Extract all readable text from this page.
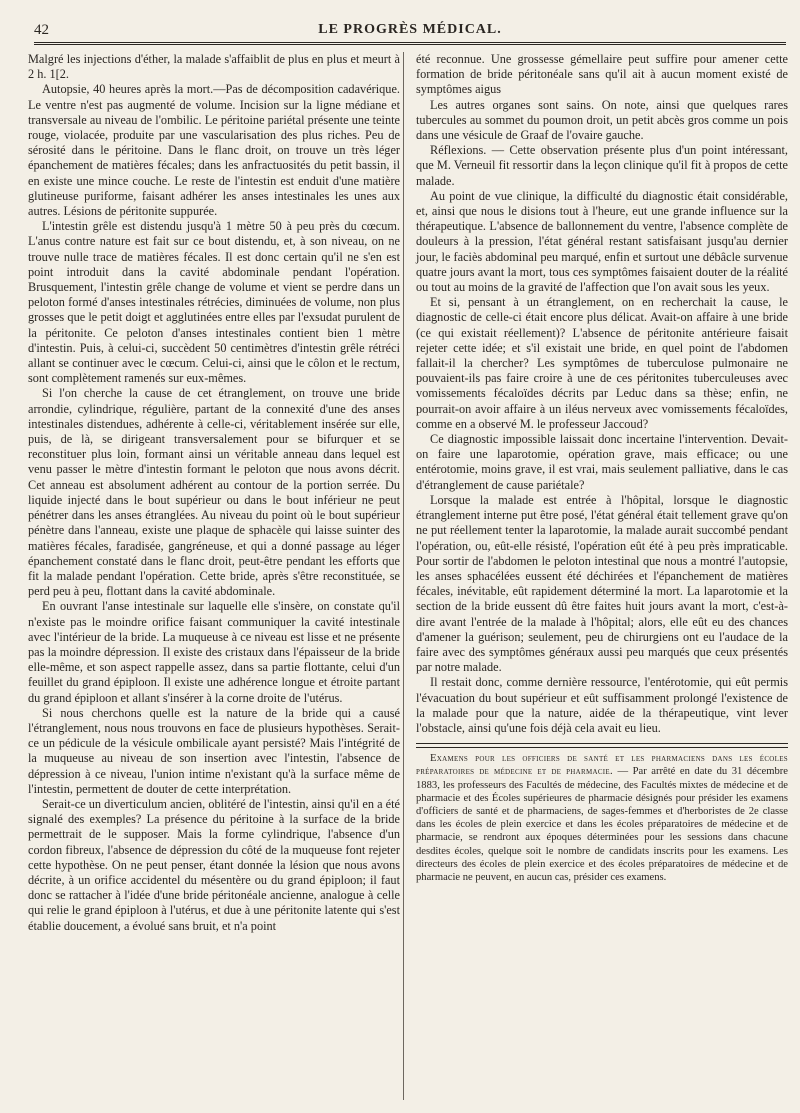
42	LE PROGRÈS MÉDICAL.

Malgré les injections d'éther, la malade s'affaiblit de plus en plus et meurt à 2 h. 1[2.

Autopsie, 40 heures après la mort.—Pas de décomposition cadavérique. Le ventre n'est pas augmenté de volume. Incision sur la ligne médiane et transversale au niveau de l'ombilic. Le péritoine pariétal présente une teinte rouge, violacée, produite par une vascularisation des plus riches. Peu de sérosité dans le péritoine. Dans le flanc droit, on trouve un très léger épanchement de matières fécales; dans les anfractuosités du petit bassin, il en existe une mince couche. Le reste de l'intestin est enduit d'une matière glutineuse puriforme, faisant adhérer les anses intestinales les unes aux autres. Lésions de péritonite suppurée.

L'intestin grêle est distendu jusqu'à 1 mètre 50 à peu près du cœcum. L'anus contre nature est fait sur ce bout distendu, et, à son niveau, on ne trouve nulle trace de matières fécales. Il est donc certain qu'il ne s'en est point introduit dans la cavité abdominale pendant l'opération. Brusquement, l'intestin grêle change de volume et vient se perdre dans un peloton formé d'anses intestinales rétrécies, diminuées de volume, non plus grosses que le petit doigt et agglutinées entre elles par l'exsudat purulent de la péritonite. Ce peloton d'anses intestinales contient bien 1 mètre d'intestin. Puis, à celui-ci, succèdent 50 centimètres d'intestin grêle rétréci allant se continuer avec le cœcum. Celui-ci, ainsi que le côlon et le rectum, sont complètement ramenés sur eux-mêmes.

Si l'on cherche la cause de cet étranglement, on trouve une bride arrondie, cylindrique, régulière, partant de la connexité d'une des anses intestinales distendues, adhérente à celle-ci, véritablement insérée sur elle, puis, de là, se dirigeant transversalement pour se bifurquer et se reconstituer plus loin, formant ainsi un véritable anneau dans lequel est venu passer le mètre d'intestin formant le peloton que nous avons décrit. Cet anneau est absolument adhérent au contour de la portion serrée. Du liquide injecté dans le bout supérieur ou dans le bout inférieur ne peut pénétrer dans les anses étranglées. Au niveau du point où le bout supérieur pénètre dans l'anneau, existe une plaque de sphacèle qui laisse suinter des matières fécales, faradisée, gangréneuse, et qui a donné passage au léger épanchement constaté dans le flanc droit, peut-être pendant les efforts que fit la malade pendant l'opération. Cette bride, après s'être reconstituée, se perd peu à peu, flottant dans la cavité abdominale.

En ouvrant l'anse intestinale sur laquelle elle s'insère, on constate qu'il n'existe pas le moindre orifice faisant communiquer la cavité intestinale avec l'intérieur de la bride. La muqueuse à ce niveau est lisse et ne présente pas la moindre dépression. Il existe des cristaux dans l'épaisseur de la bride elle-même, et son aspect rappelle assez, dans sa partie flottante, celui d'un feuillet du grand épiploon. Il existe une adhérence longue et étroite partant du grand épiploon et allant s'insérer à la corne droite de l'utérus.

Si nous cherchons quelle est la nature de la bride qui a causé l'étranglement, nous nous trouvons en face de plusieurs hypothèses. Serait-ce un pédicule de la vésicule ombilicale ayant persisté? Mais l'intégrité de la muqueuse au niveau de son insertion avec l'intestin, l'absence de dépression à ce niveau, l'union intime n'existant qu'à la surface même de l'intestin, permettent de douter de cette interprétation.

Serait-ce un diverticulum ancien, oblitéré de l'intestin, ainsi qu'il en a été signalé des exemples? La présence du péritoine à la surface de la bride permettrait de le supposer. Mais la forme cylindrique, l'absence d'un cordon fibreux, l'absence de dépression du côté de la muqueuse font rejeter cette hypothèse. On ne peut penser, étant donnée la lésion que nous avons décrite, à un orifice accidentel du mésentère ou du grand épiploon; il faut donc se rattacher à l'idée d'une bride péritonéale ancienne, analogue à celle qui relie le grand épiploon à l'utérus, et due à une péritonite latente qui s'est établie doucement, a évolué sans bruit, et n'a point

été reconnue. Une grossesse gémellaire peut suffire pour amener cette formation de bride péritonéale sans qu'il ait à aucun moment existé de symptômes aigus

Les autres organes sont sains. On note, ainsi que quelques rares tubercules au sommet du poumon droit, un petit abcès gros comme un pois dans une vésicule de Graaf de l'ovaire gauche.

Réflexions. — Cette observation présente plus d'un point intéressant, que M. Verneuil fit ressortir dans la leçon clinique qu'il fit à propos de cette malade.

Au point de vue clinique, la difficulté du diagnostic était considérable, et, ainsi que nous le disions tout à l'heure, eut une grande influence sur la thérapeutique. L'absence de ballonnement du ventre, l'absence complète de douleurs à la pression, l'état général restant satisfaisant jusqu'au dernier jour, le faciès abdominal peu marqué, enfin et surtout une débâcle survenue quatre jours avant la mort, tous ces symptômes faisaient douter de la réalité ou tout au moins de la gravité de l'affection que l'on avait sous les yeux.

Et si, pensant à un étranglement, on en recherchait la cause, le diagnostic de celle-ci était encore plus délicat. Avait-on affaire à une bride (ce qui existait réellement)? L'absence de péritonite antérieure faisait rejeter cette idée; et s'il existait une bride, en quel point de l'abdomen fallait-il la chercher? Les symptômes de tuberculose pulmonaire ne pouvaient-ils pas faire croire à une de ces péritonites tuberculeuses avec vomissements fécaloïdes décrits par Leduc dans sa thèse; enfin, ne pourrait-on avoir affaire à un iléus nerveux avec vomissements fécaloïdes, comme en a observé M. le professeur Jaccoud?

Ce diagnostic impossible laissait donc incertaine l'intervention. Devait-on faire une laparotomie, opération grave, mais efficace; ou une entérotomie, moins grave, il est vrai, mais seulement palliative, dans le cas d'étranglement de cause pariétale?

Lorsque la malade est entrée à l'hôpital, lorsque le diagnostic étranglement interne put être posé, l'état général était tellement grave qu'on ne put réellement tenter la laparotomie, la malade aurait succombé pendant l'opération, ou, eût-elle résisté, l'opération eût été à peu près impraticable. Pour sortir de l'abdomen le peloton intestinal que nous a montré l'autopsie, les anses sphacélées eussent été déchirées et l'épanchement de matières fécales, inévitable, eût rapidement déterminé la mort. La laparotomie et la section de la bride eussent dû être faites huit jours avant la mort, c'est-à-dire avant l'entrée de la malade à l'hôpital; alors, elle eût eu des chances d'amener la guérison; seulement, peu de chirurgiens ont eu l'audace de la faire avec des symptômes généraux aussi peu marqués que ceux présentés par notre malade.

Il restait donc, comme dernière ressource, l'entérotomie, qui eût permis l'évacuation du bout supérieur et eût suffisamment prolongé l'existence de la malade pour que la nature, aidée de la thérapeutique, vint lever l'obstacle, ainsi qu'une fois déjà cela avait eu lieu.

Examens pour les officiers de santé et les pharmaciens dans les écoles préparatoires de médecine et de pharmacie. — Par arrêté en date du 31 décembre 1883, les professeurs des Facultés de médecine, des Facultés mixtes de médecine et de pharmacie et des Écoles supérieures de pharmacie désignés pour présider les examens d'officiers de santé et de pharmaciens, de sages-femmes et d'herboristes de 2e classe dans les écoles de plein exercice et dans les écoles préparatoires de médecine et de pharmacie, se rendront aux époques déterminées pour les sessions dans chacune desdites écoles, quelque soit le nombre de candidats inscrits pour les examens. Les directeurs des écoles de plein exercice et des écoles préparatoires de médecine et de pharmacie ne peuvent, en aucun cas, présider ces examens.
